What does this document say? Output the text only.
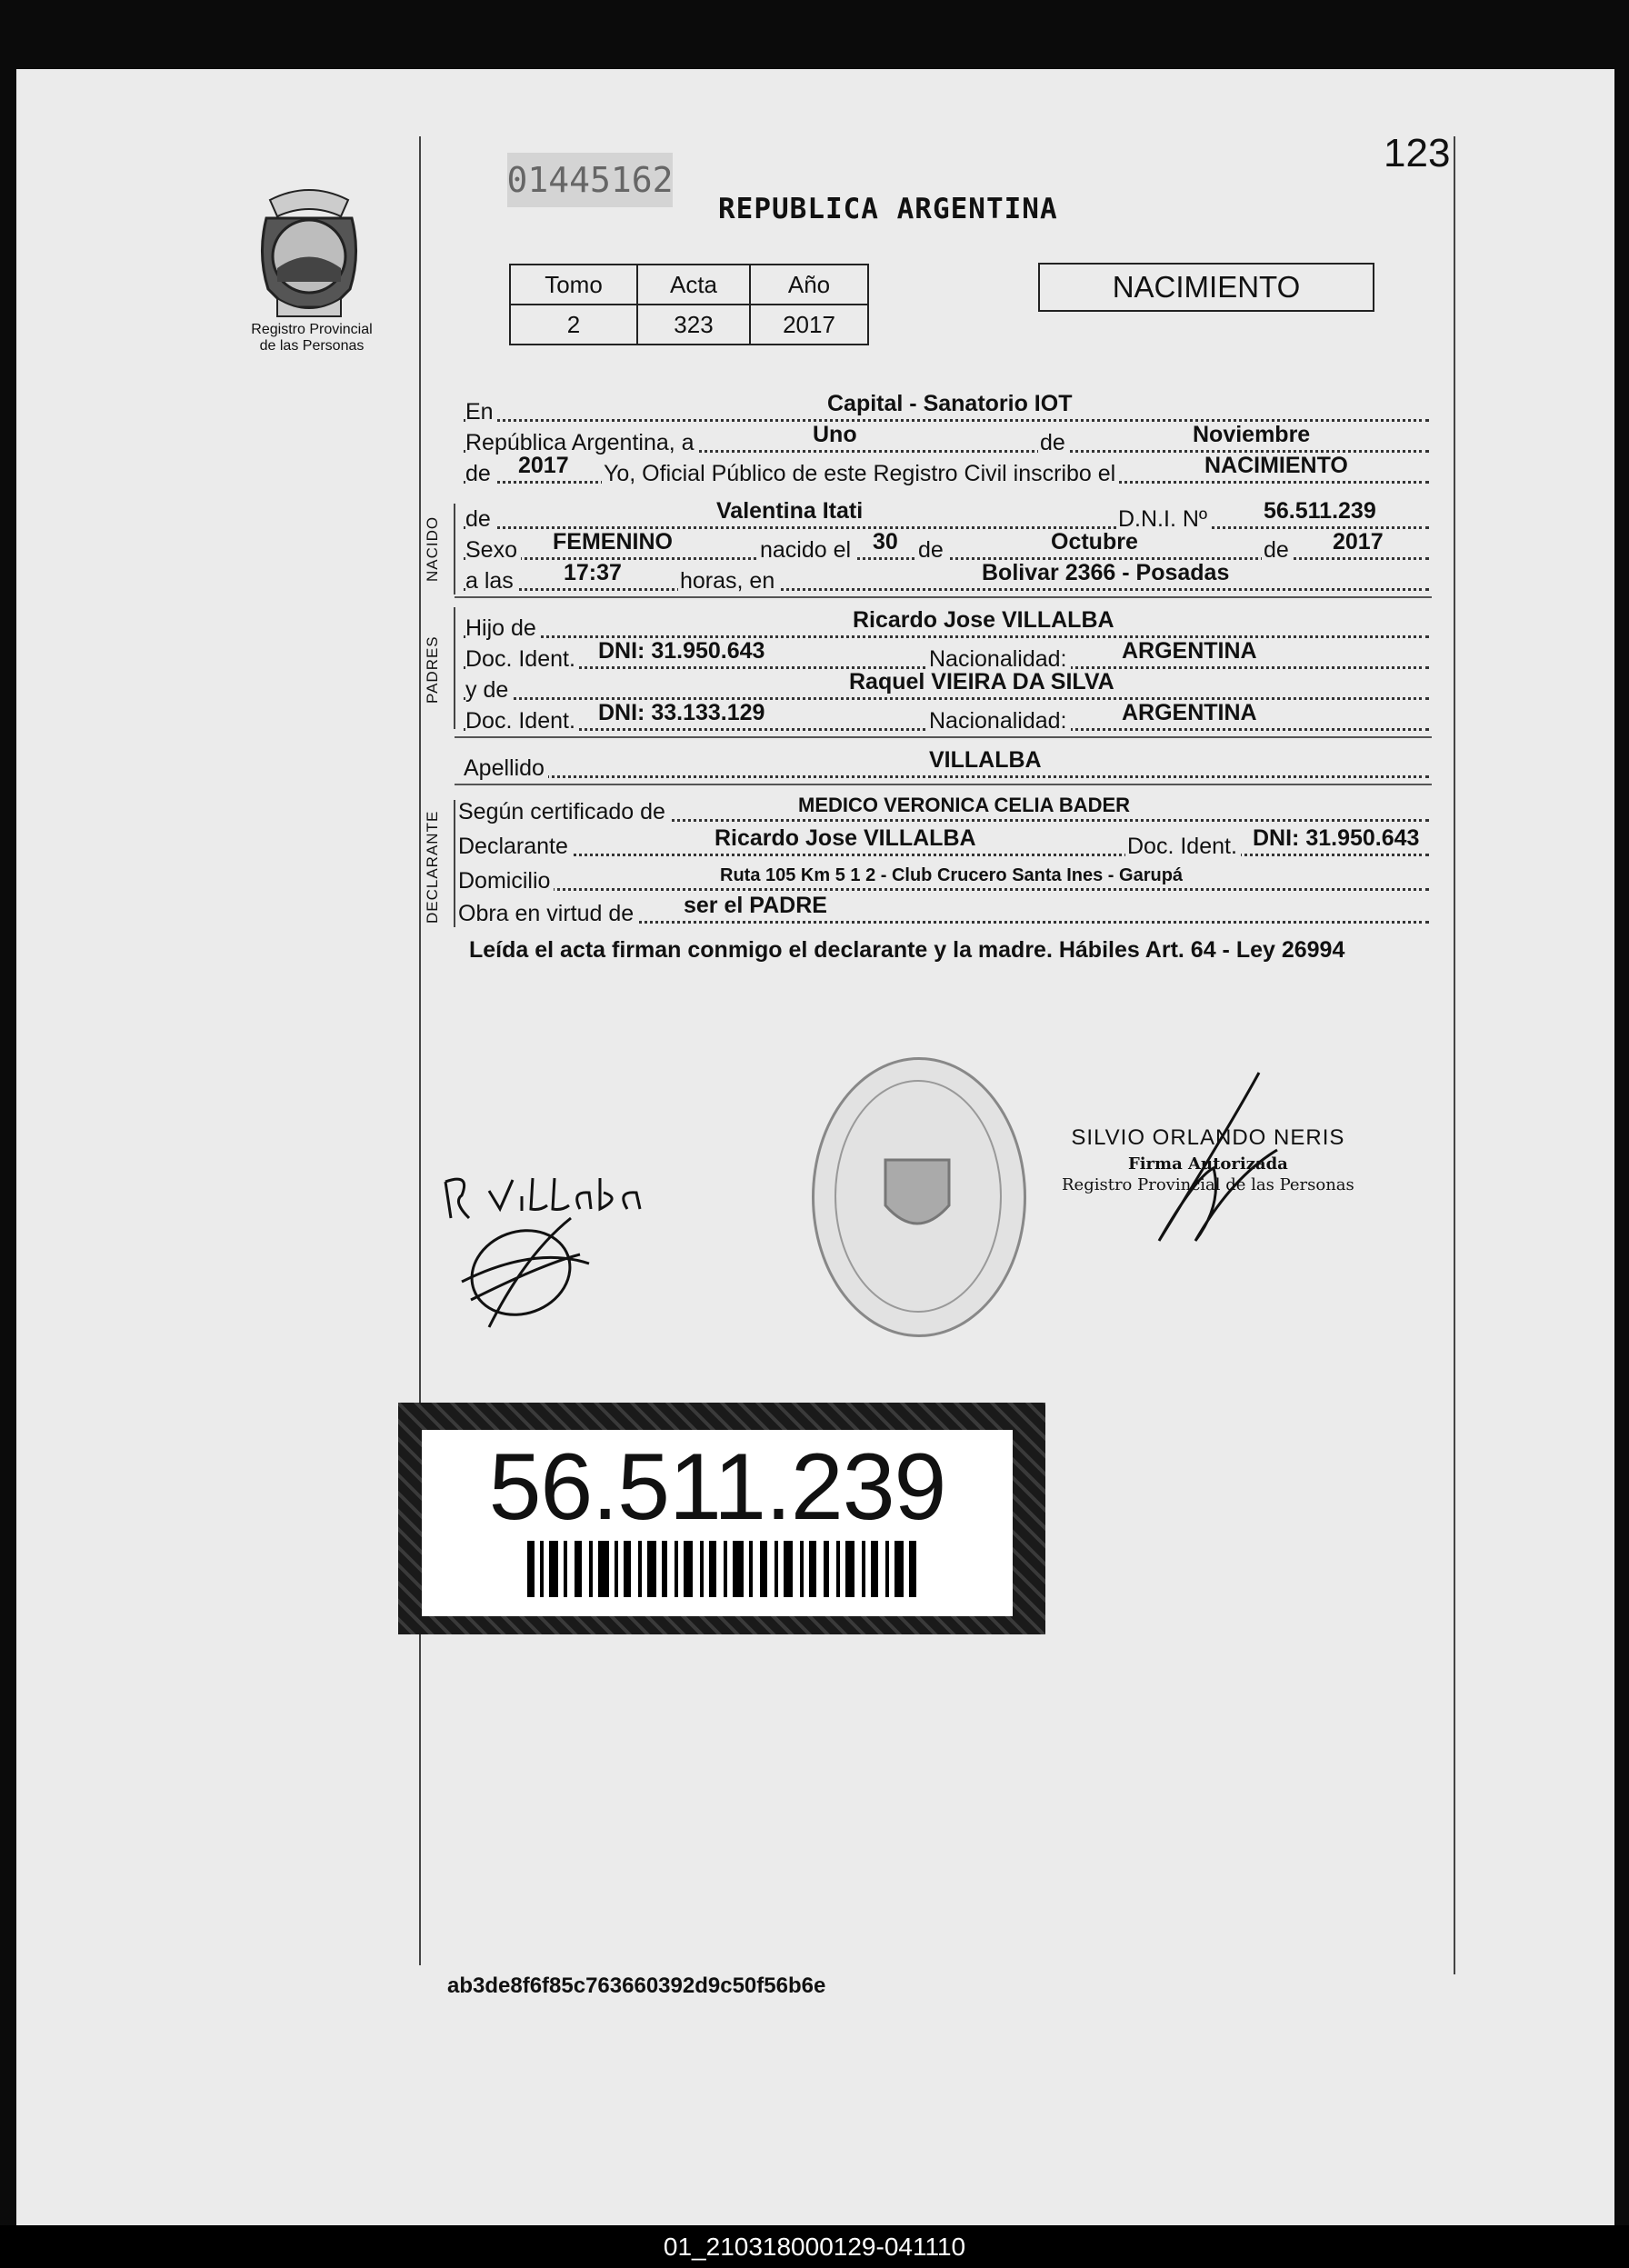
01445162
123
REPUBLICA ARGENTINA
Registro Provincial
de las Personas
Tomo	Acta	Año
2	323	2017
NACIMIENTO
En	Capital - Sanatorio IOT
República Argentina, a	Uno	de	Noviembre
de 2017 Yo, Oficial Público de este Registro Civil inscribo el	NACIMIENTO
NACIDO de	Valentina Itati	D.N.I. Nº 56.511.239
Sexo FEMENINO	nacido el 30 de	Octubre	de 2017
a las 17:37	horas, en	Bolivar 2366 - Posadas
PADRES
Hijo de	Ricardo Jose VILLALBA
Doc. Ident. DNI: 31.950.643	Nacionalidad: ARGENTINA
y de	Raquel VIEIRA DA SILVA
Doc. Ident. DNI: 33.133.129	Nacionalidad: ARGENTINA
Apellido	VILLALBA
DECLARANTE Según certificado de	MEDICO VERONICA CELIA BADER
Declarante	Ricardo Jose VILLALBA	Doc. Ident. DNI: 31.950.643
Domicilio	Ruta 105 Km 5 1 2 - Club Crucero Santa Ines - Garupá
Obra en virtud de ser el PADRE
Leída el acta firman conmigo el declarante y la madre. Hábiles Art. 64 - Ley 26994
SILVIO ORLANDO NERIS
Firma Autorizada
Registro Provincial de las Personas
56.511.239
ab3de8f6f85c763660392d9c50f56b6e
01_210318000129-041110
